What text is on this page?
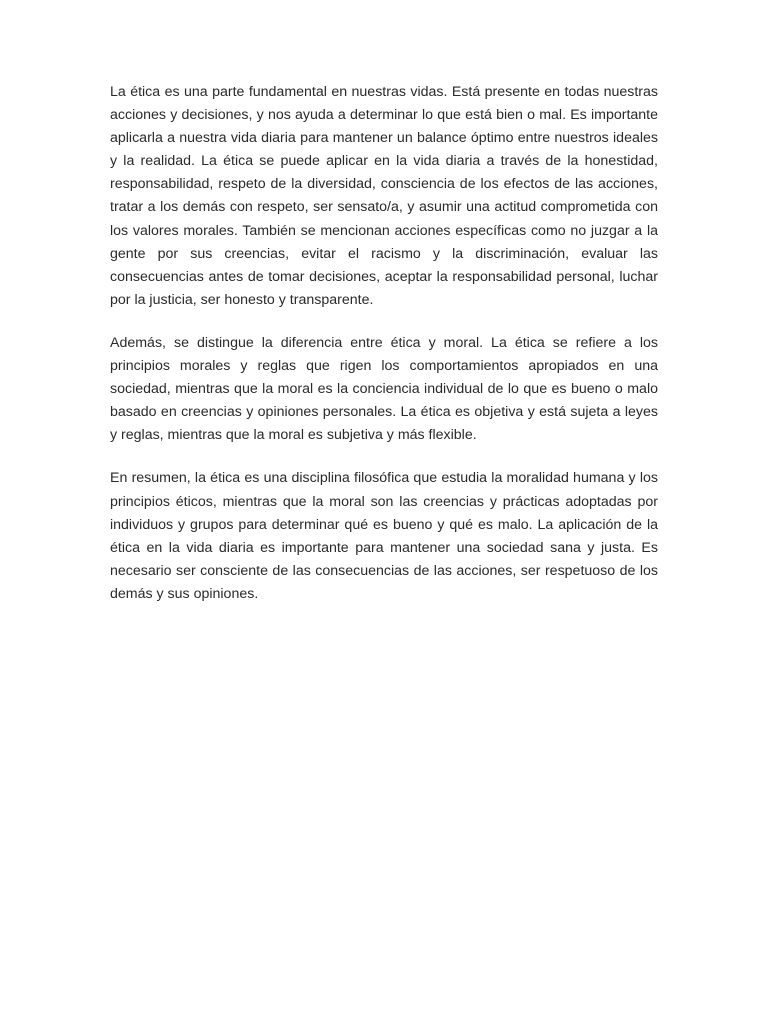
La ética es una parte fundamental en nuestras vidas. Está presente en todas nuestras acciones y decisiones, y nos ayuda a determinar lo que está bien o mal. Es importante aplicarla a nuestra vida diaria para mantener un balance óptimo entre nuestros ideales y la realidad. La ética se puede aplicar en la vida diaria a través de la honestidad, responsabilidad, respeto de la diversidad, consciencia de los efectos de las acciones, tratar a los demás con respeto, ser sensato/a, y asumir una actitud comprometida con los valores morales. También se mencionan acciones específicas como no juzgar a la gente por sus creencias, evitar el racismo y la discriminación, evaluar las consecuencias antes de tomar decisiones, aceptar la responsabilidad personal, luchar por la justicia, ser honesto y transparente.

Además, se distingue la diferencia entre ética y moral. La ética se refiere a los principios morales y reglas que rigen los comportamientos apropiados en una sociedad, mientras que la moral es la conciencia individual de lo que es bueno o malo basado en creencias y opiniones personales. La ética es objetiva y está sujeta a leyes y reglas, mientras que la moral es subjetiva y más flexible.

En resumen, la ética es una disciplina filosófica que estudia la moralidad humana y los principios éticos, mientras que la moral son las creencias y prácticas adoptadas por individuos y grupos para determinar qué es bueno y qué es malo. La aplicación de la ética en la vida diaria es importante para mantener una sociedad sana y justa. Es necesario ser consciente de las consecuencias de las acciones, ser respetuoso de los demás y sus opiniones.
